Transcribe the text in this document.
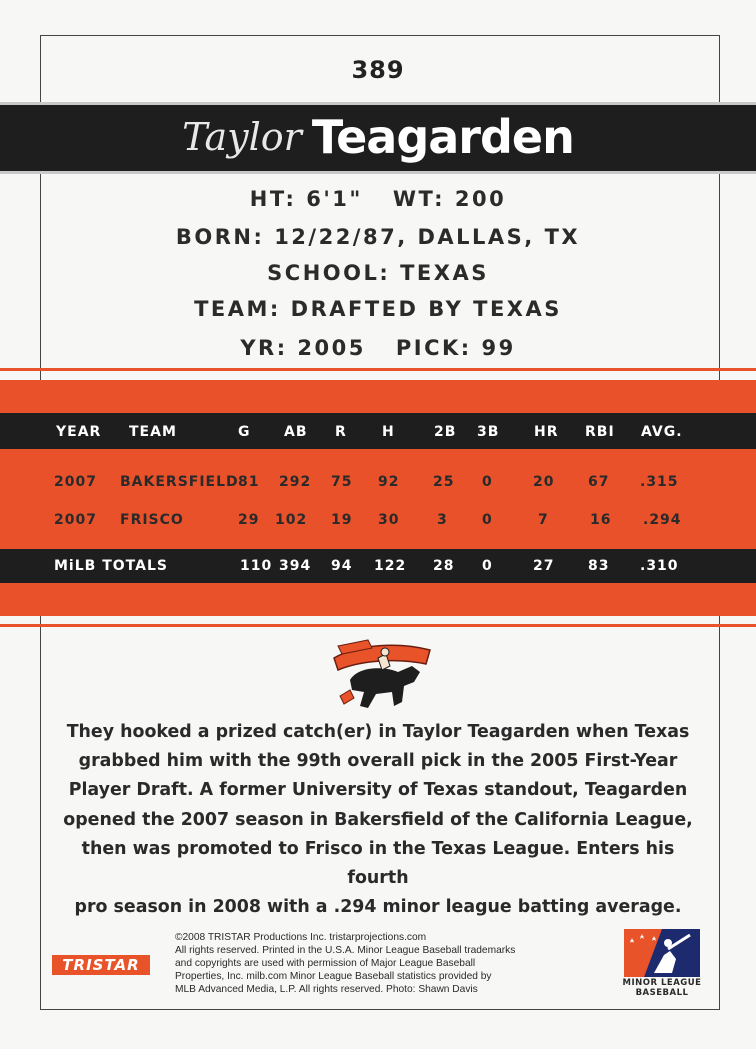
389
Taylor Teagarden
HT: 6'1" WT: 200
BORN: 12/22/87, DALLAS, TX
SCHOOL: TEXAS
TEAM: DRAFTED BY TEXAS
YR: 2005 PICK: 99
YEAR TEAM	G AB R	H	2B 3B HR RBI AVG.
2007 BAKERSFIELD 81 292 75 92 25 0	20 67 .315
2007 FRISCO	29 102 19 30	3 0	7	16 .294
MiLB TOTALS	110 394 94 122 28 0	27 83 .310
They hooked a prized catch(er) in Taylor Teagarden when Texas
grabbed him with the 99th overall pick in the 2005 First-Year
Player Draft. A former University of Texas standout, Teagarden
opened the 2007 season in Bakersfield of the California League,
then was promoted to Frisco in the Texas League. Enters his fourth
pro season in 2008 with a .294 minor league batting average.
TRISTAR
©2008 TRISTAR Productions Inc. tristarprojections.com
All rights reserved. Printed in the U.S.A. Minor League Baseball trademarks
and copyrights are used with permission of Major League Baseball
Properties, Inc. milb.com Minor League Baseball statistics provided by
MLB Advanced Media, L.P. All rights reserved. Photo: Shawn Davis
MINOR LEAGUE
BASEBALL
